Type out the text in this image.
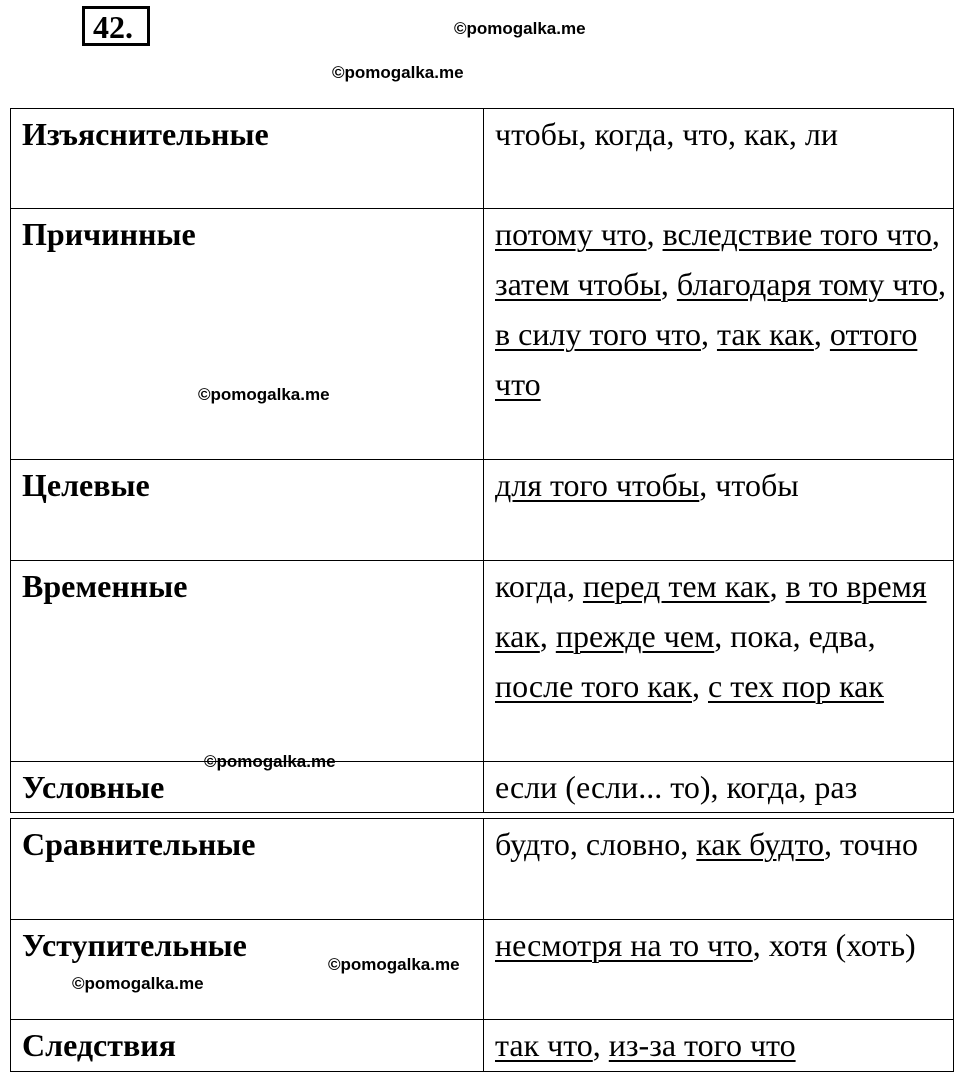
42.
Изъяснительные	чтобы, когда, что, как, ли
Причинные	потому что, вследствие того что, затем чтобы, благодаря тому что, в силу того что, так как, оттого что
Целевые	для того чтобы, чтобы
Временные	когда, перед тем как, в то время как, прежде чем, пока, едва, после того как, с тех пор как
Условные	если (если... то), когда, раз
Сравнительные	будто, словно, как будто, точно
Уступительные	несмотря на то что, хотя (хоть)
Следствия	так что, из-за того что
©pomogalka.me
©pomogalka.me
©pomogalka.me
©pomogalka.me
©pomogalka.me
©pomogalka.me
